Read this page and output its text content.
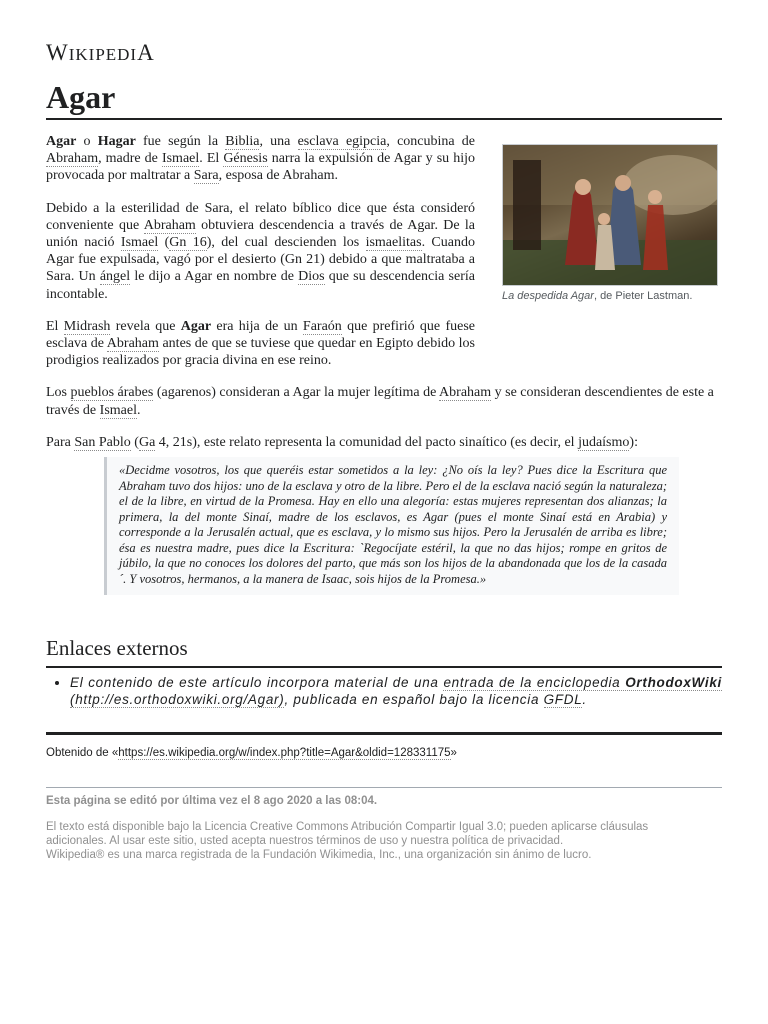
WIKIPEDIA
Agar
La despedida Agar, de Pieter Lastman.

Agar o Hagar fue según la Biblia, una esclava egipcia, concubina de Abraham, madre de Ismael. El Génesis narra la expulsión de Agar y su hijo provocada por maltratar a Sara, esposa de Abraham.

Debido a la esterilidad de Sara, el relato bíblico dice que ésta consideró conveniente que Abraham obtuviera descendencia a través de Agar. De la unión nació Ismael (Gn 16), del cual descienden los ismaelitas. Cuando Agar fue expulsada, vagó por el desierto (Gn 21) debido a que maltrataba a Sara. Un ángel le dijo a Agar en nombre de Dios que su descendencia sería incontable.

El Midrash revela que Agar era hija de un Faraón que prefirió que fuese esclava de Abraham antes de que se tuviese que quedar en Egipto debido los prodigios realizados por gracia divina en ese reino.

Los pueblos árabes (agarenos) consideran a Agar la mujer legítima de Abraham y se consideran descendientes de este a través de Ismael.

Para San Pablo (Ga 4, 21s), este relato representa la comunidad del pacto sinaítico (es decir, el judaísmo):

«Decidme vosotros, los que queréis estar sometidos a la ley: ¿No oís la ley? Pues dice la Escritura que Abraham tuvo dos hijos: uno de la esclava y otro de la libre. Pero el de la esclava nació según la naturaleza; el de la libre, en virtud de la Promesa. Hay en ello una alegoría: estas mujeres representan dos alianzas; la primera, la del monte Sinaí, madre de los esclavos, es Agar (pues el monte Sinaí está en Arabia) y corresponde a la Jerusalén actual, que es esclava, y lo mismo sus hijos. Pero la Jerusalén de arriba es libre; ésa es nuestra madre, pues dice la Escritura: `Regocíjate estéril, la que no das hijos; rompe en gritos de júbilo, la que no conoces los dolores del parto, que más son los hijos de la abandonada que los de la casada´. Y vosotros, hermanos, a la manera de Isaac, sois hijos de la Promesa.»
Enlaces externos
• El contenido de este artículo incorpora material de una entrada de la enciclopedia OrthodoxWiki (http://es.orthodoxwiki.org/Agar), publicada en español bajo la licencia GFDL.
Obtenido de «https://es.wikipedia.org/w/index.php?title=Agar&oldid=128331175»
Esta página se editó por última vez el 8 ago 2020 a las 08:04.
El texto está disponible bajo la Licencia Creative Commons Atribución Compartir Igual 3.0; pueden aplicarse cláusulas
adicionales. Al usar este sitio, usted acepta nuestros términos de uso y nuestra política de privacidad.
Wikipedia® es una marca registrada de la Fundación Wikimedia, Inc., una organización sin ánimo de lucro.
